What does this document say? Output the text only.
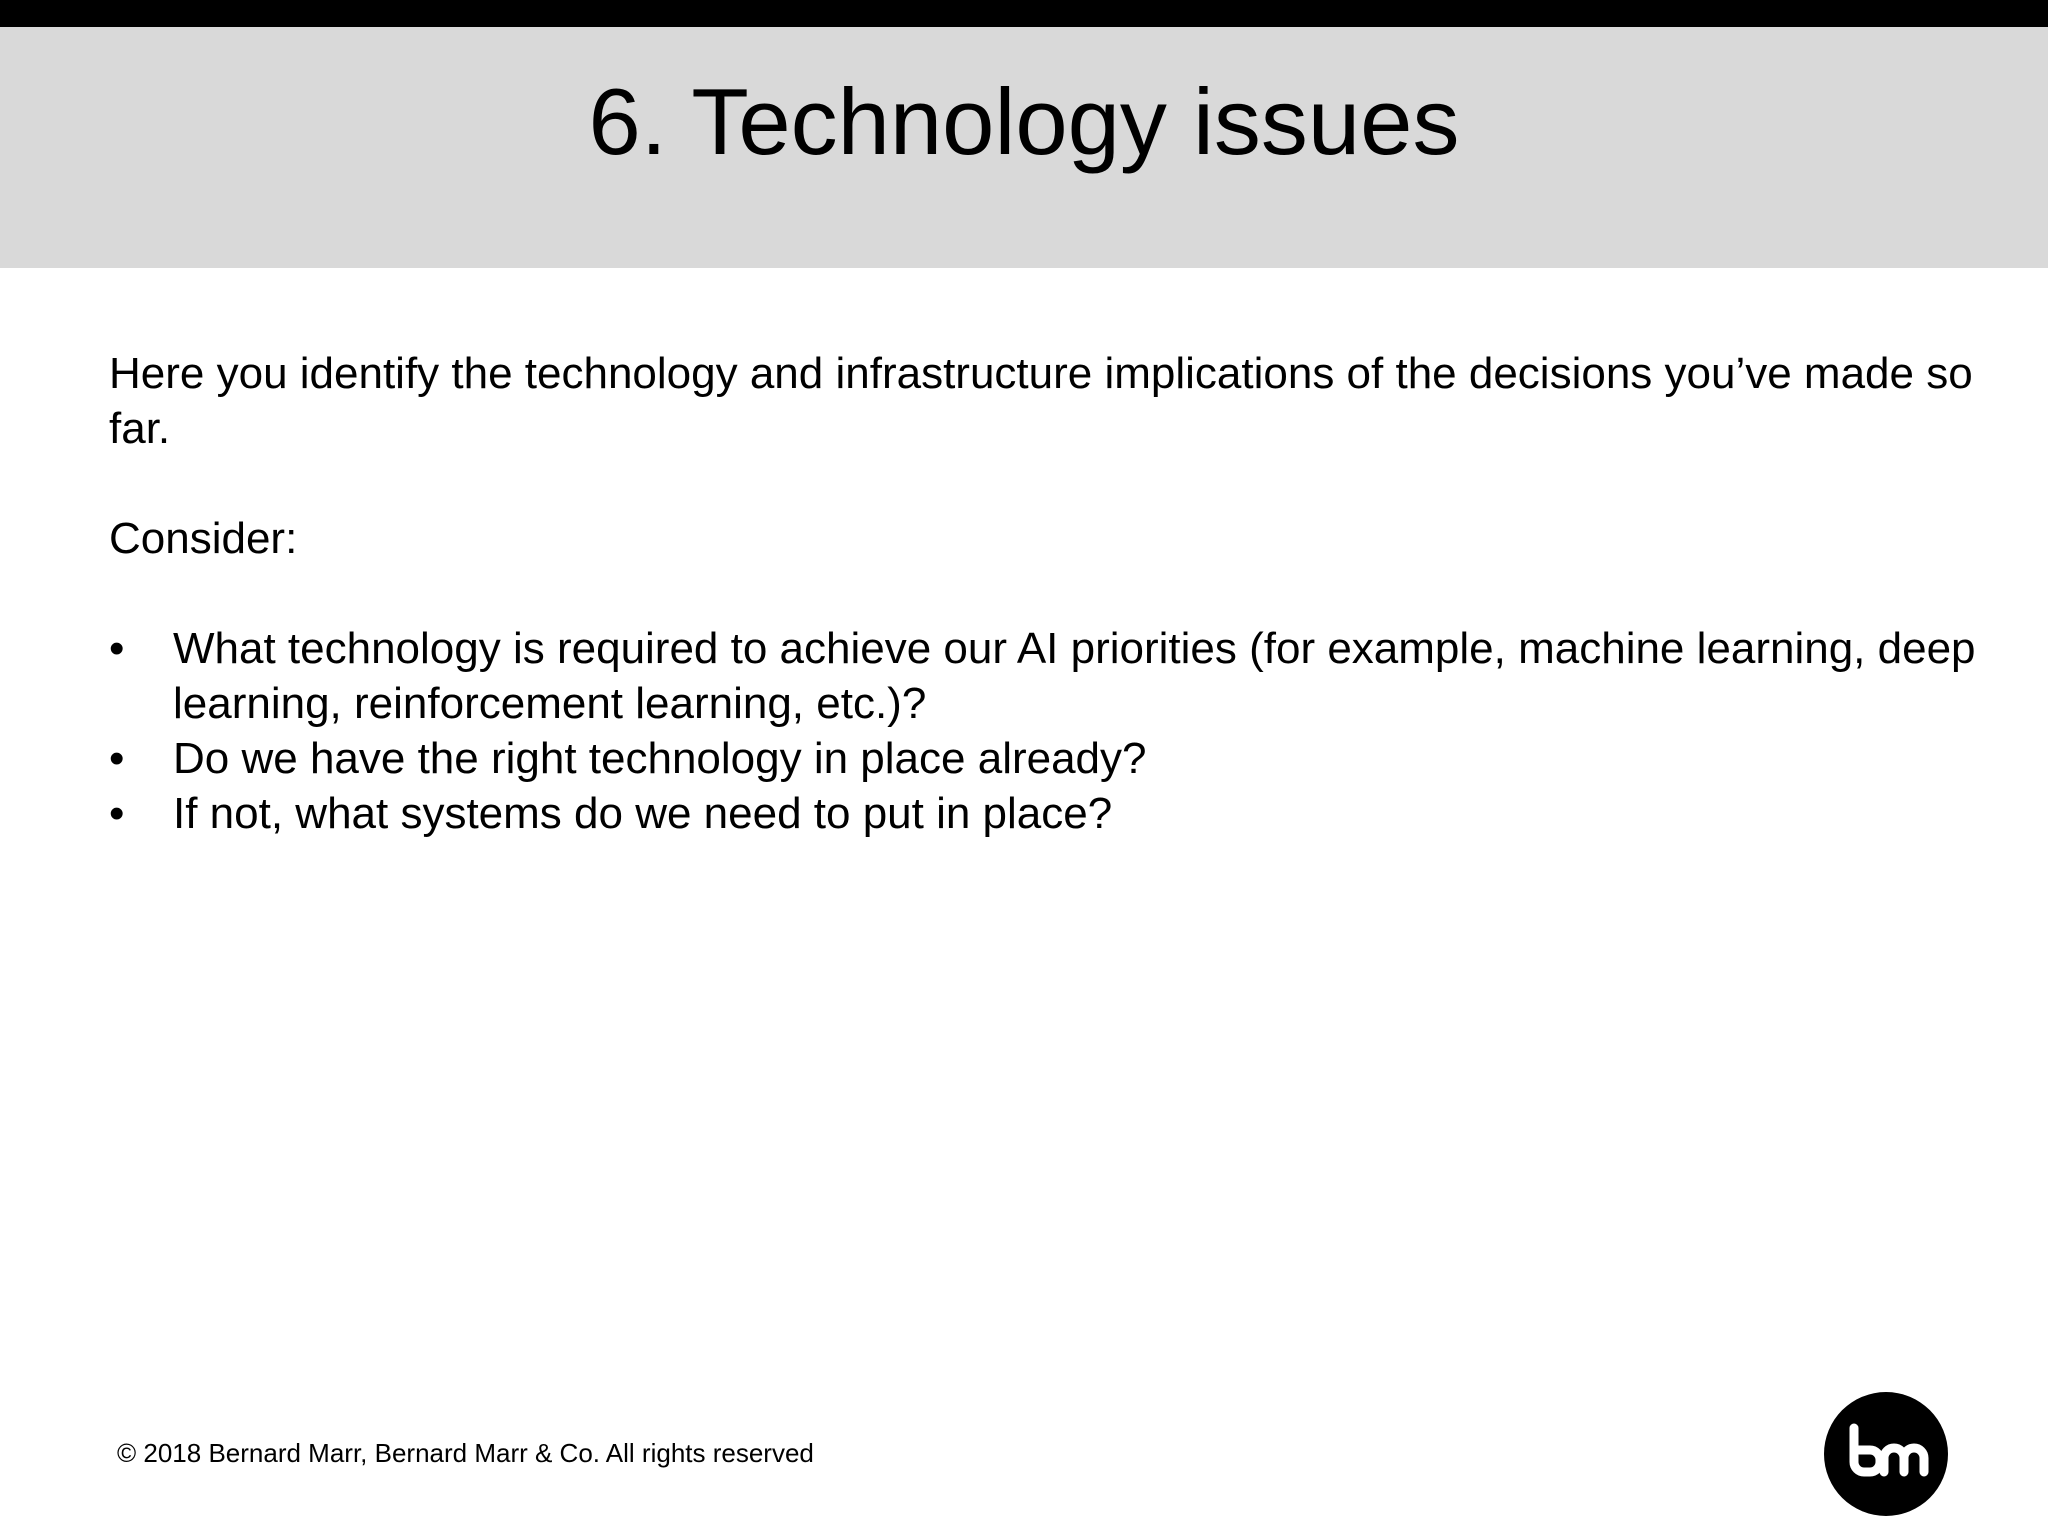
6. Technology issues

Here you identify the technology and infrastructure implications of the decisions you’ve made so far.

Consider:

• What technology is required to achieve our AI priorities (for example, machine learning, deep learning, reinforcement learning, etc.)?
• Do we have the right technology in place already?
• If not, what systems do we need to put in place?
© 2018 Bernard Marr, Bernard Marr & Co. All rights reserved
